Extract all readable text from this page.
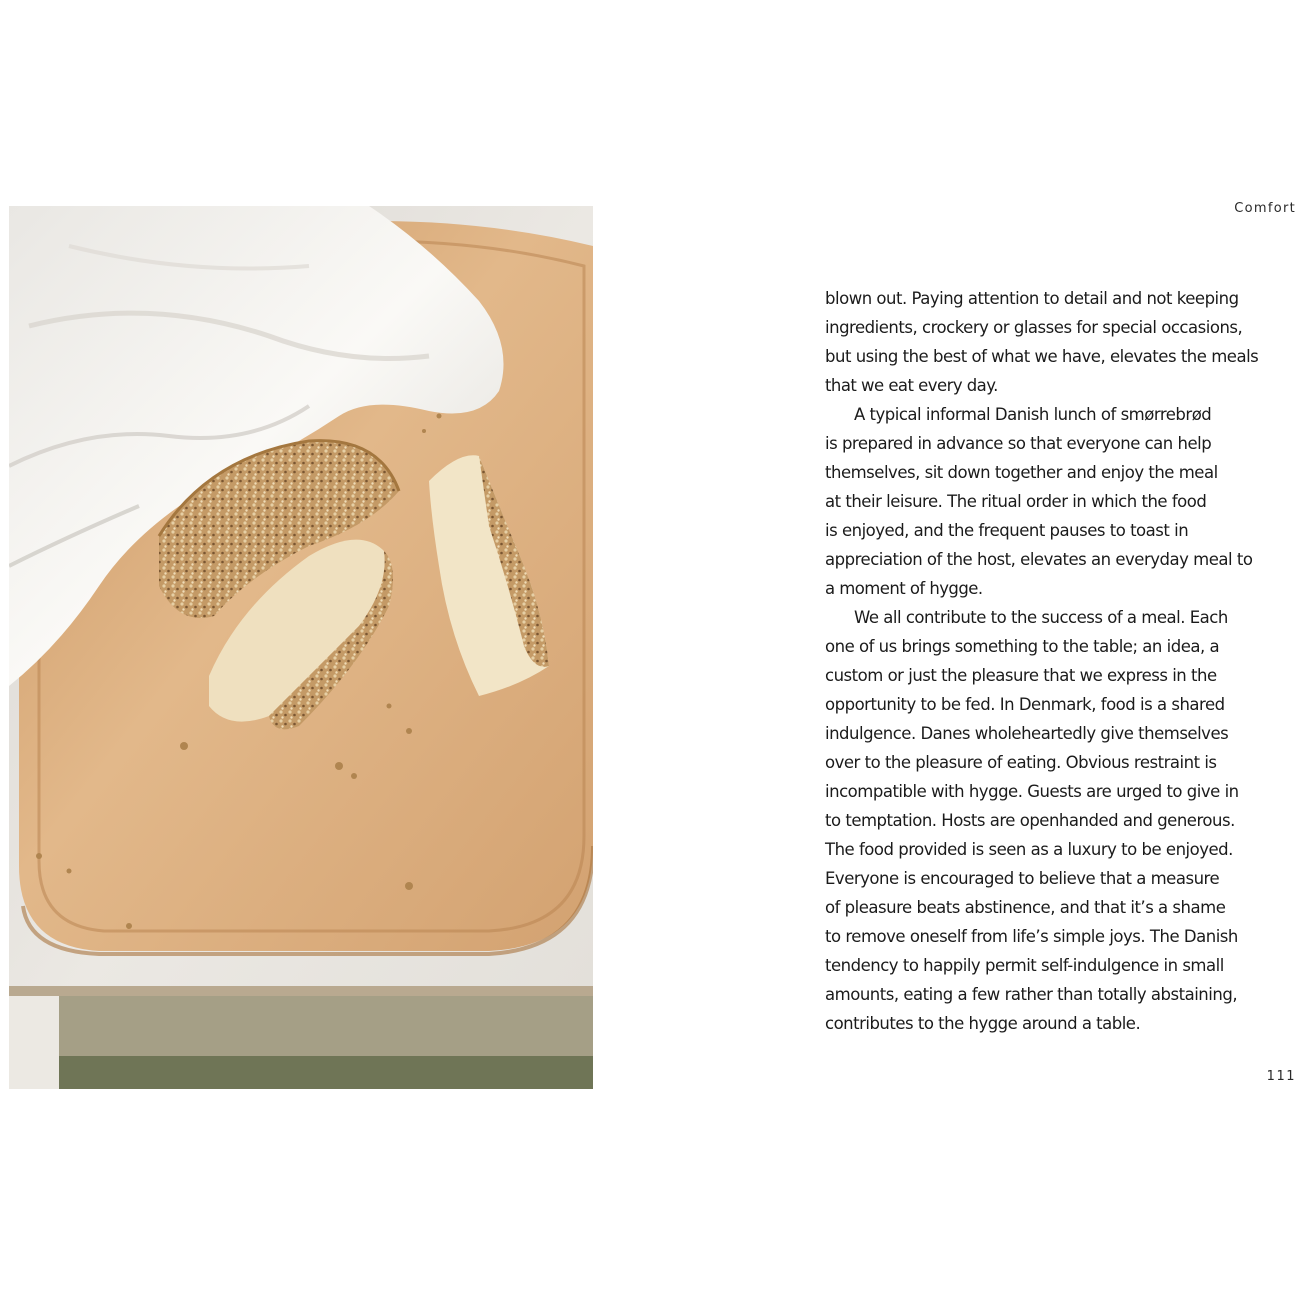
Comfort
blown out. Paying attention to detail and not keeping
ingredients, crockery or glasses for special occasions,
but using the best of what we have, elevates the meals
that we eat every day.
A typical informal Danish lunch of smørrebrød
is prepared in advance so that everyone can help
themselves, sit down together and enjoy the meal
at their leisure. The ritual order in which the food
is enjoyed, and the frequent pauses to toast in
appreciation of the host, elevates an everyday meal to
a moment of hygge.
We all contribute to the success of a meal. Each
one of us brings something to the table; an idea, a
custom or just the pleasure that we express in the
opportunity to be fed. In Denmark, food is a shared
indulgence. Danes wholeheartedly give themselves
over to the pleasure of eating. Obvious restraint is
incompatible with hygge. Guests are urged to give in
to temptation. Hosts are openhanded and generous.
The food provided is seen as a luxury to be enjoyed.
Everyone is encouraged to believe that a measure
of pleasure beats abstinence, and that it’s a shame
to remove oneself from life’s simple joys. The Danish
tendency to happily permit self-indulgence in small
amounts, eating a few rather than totally abstaining,
contributes to the hygge around a table.
111
